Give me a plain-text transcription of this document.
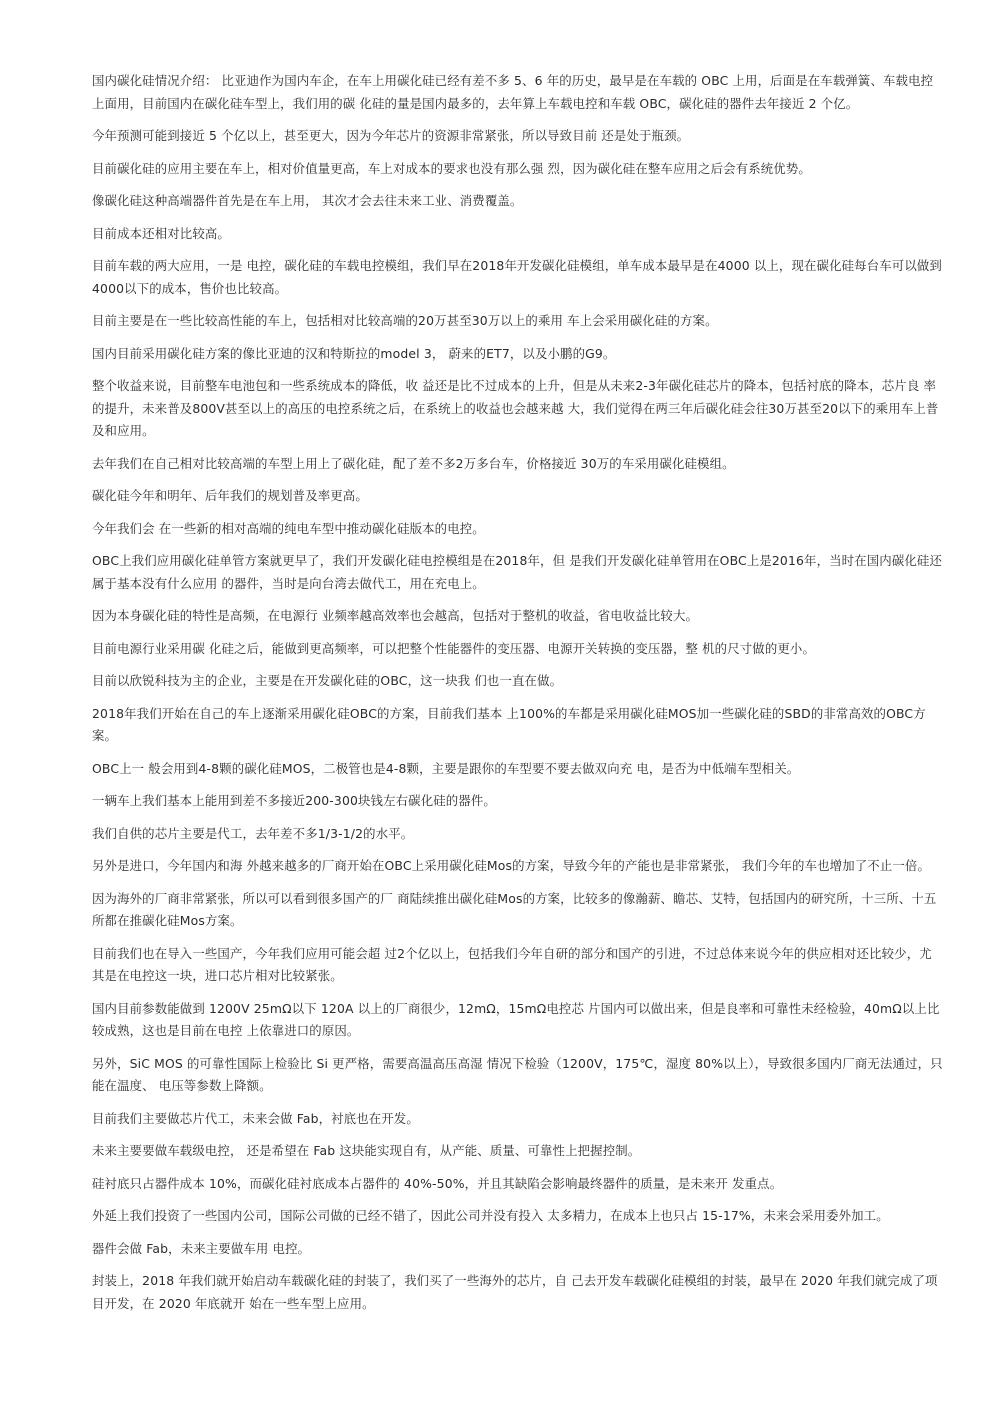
国内碳化硅情况介绍： 比亚迪作为国内车企，在车上用碳化硅已经有差不多 5、6 年的历史，最早是在车载的 OBC 上用，后面是在车载弹簧、车载电控上面用，目前国内在碳化硅车型上，我们用的碳 化硅的量是国内最多的，去年算上车载电控和车载 OBC，碳化硅的器件去年接近 2 个亿。

今年预测可能到接近 5 个亿以上，甚至更大，因为今年芯片的资源非常紧张，所以导致目前 还是处于瓶颈。

目前碳化硅的应用主要在车上，相对价值量更高，车上对成本的要求也没有那么强 烈，因为碳化硅在整车应用之后会有系统优势。

像碳化硅这种高端器件首先是在车上用， 其次才会去往未来工业、消费覆盖。

目前成本还相对比较高。

目前车载的两大应用，一是 电控，碳化硅的车载电控模组，我们早在2018年开发碳化硅模组，单车成本最早是在4000 以上，现在碳化硅每台车可以做到4000以下的成本，售价也比较高。

目前主要是在一些比较高性能的车上，包括相对比较高端的20万甚至30万以上的乘用 车上会采用碳化硅的方案。

国内目前采用碳化硅方案的像比亚迪的汉和特斯拉的model 3， 蔚来的ET7，以及小鹏的G9。

整个收益来说，目前整车电池包和一些系统成本的降低，收 益还是比不过成本的上升，但是从未来2-3年碳化硅芯片的降本，包括衬底的降本，芯片良 率的提升，未来普及800V甚至以上的高压的电控系统之后，在系统上的收益也会越来越 大，我们觉得在两三年后碳化硅会往30万甚至20以下的乘用车上普及和应用。

去年我们在自己相对比较高端的车型上用上了碳化硅，配了差不多2万多台车，价格接近 30万的车采用碳化硅模组。

碳化硅今年和明年、后年我们的规划普及率更高。

今年我们会 在一些新的相对高端的纯电车型中推动碳化硅版本的电控。

OBC上我们应用碳化硅单管方案就更早了，我们开发碳化硅电控模组是在2018年，但 是我们开发碳化硅单管用在OBC上是2016年，当时在国内碳化硅还属于基本没有什么应用 的器件，当时是向台湾去做代工，用在充电上。

因为本身碳化硅的特性是高频，在电源行 业频率越高效率也会越高，包括对于整机的收益，省电收益比较大。

目前电源行业采用碳 化硅之后，能做到更高频率，可以把整个性能器件的变压器、电源开关转换的变压器，整 机的尺寸做的更小。

目前以欣锐科技为主的企业，主要是在开发碳化硅的OBC，这一块我 们也一直在做。

2018年我们开始在自己的车上逐渐采用碳化硅OBC的方案，目前我们基本 上100%的车都是采用碳化硅MOS加一些碳化硅的SBD的非常高效的OBC方案。

OBC上一 般会用到4-8颗的碳化硅MOS，二极管也是4-8颗，主要是跟你的车型要不要去做双向充 电，是否为中低端车型相关。

一辆车上我们基本上能用到差不多接近200-300块钱左右碳化硅的器件。

我们自供的芯片主要是代工，去年差不多1/3-1/2的水平。

另外是进口，今年国内和海 外越来越多的厂商开始在OBC上采用碳化硅Mos的方案，导致今年的产能也是非常紧张， 我们今年的车也增加了不止一倍。

因为海外的厂商非常紧张，所以可以看到很多国产的厂 商陆续推出碳化硅Mos的方案，比较多的像瀚薪、瞻芯、艾特，包括国内的研究所，十三所、十五所都在推碳化硅Mos方案。

目前我们也在导入一些国产，今年我们应用可能会超 过2个亿以上，包括我们今年自研的部分和国产的引进，不过总体来说今年的供应相对还比较少，尤其是在电控这一块，进口芯片相对比较紧张。

国内目前参数能做到 1200V 25mΩ以下 120A 以上的厂商很少，12mΩ，15mΩ电控芯 片国内可以做出来，但是良率和可靠性未经检验，40mΩ以上比较成熟，这也是目前在电控 上依靠进口的原因。

另外，SiC MOS 的可靠性国际上检验比 Si 更严格，需要高温高压高湿 情况下检验（1200V，175℃，湿度 80%以上），导致很多国内厂商无法通过，只能在温度、 电压等参数上降额。

目前我们主要做芯片代工，未来会做 Fab，衬底也在开发。

未来主要要做车载级电控， 还是希望在 Fab 这块能实现自有，从产能、质量、可靠性上把握控制。

硅衬底只占器件成本 10%，而碳化硅衬底成本占器件的 40%-50%，并且其缺陷会影响最终器件的质量，是未来开 发重点。

外延上我们投资了一些国内公司，国际公司做的已经不错了，因此公司并没有投入 太多精力，在成本上也只占 15-17%，未来会采用委外加工。

器件会做 Fab，未来主要做车用 电控。

封装上，2018 年我们就开始启动车载碳化硅的封装了，我们买了一些海外的芯片，自 己去开发车载碳化硅模组的封装，最早在 2020 年我们就完成了项目开发，在 2020 年底就开 始在一些车型上应用。
